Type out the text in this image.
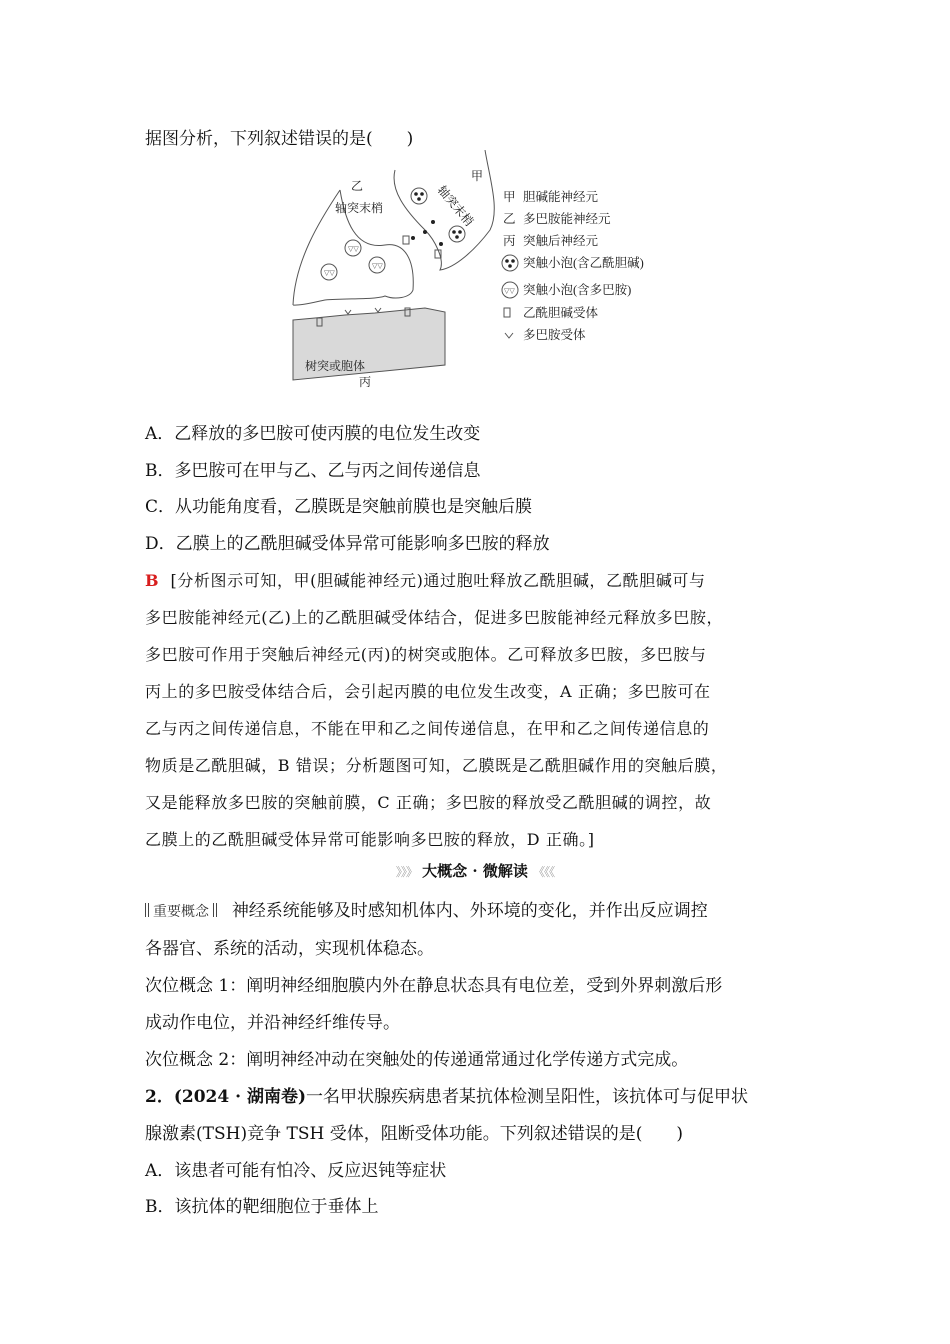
据图分析，下列叙述错误的是(　　)
▽▽
▽▽
▽▽
树突或胞体
丙
乙
轴突末梢
甲
轴突末梢 甲 胆碱能神经元
乙 多巴胺能神经元
丙 突触后神经元
突触小泡(含乙酰胆碱)
▽▽ 突触小泡(含多巴胺)
乙酰胆碱受体
多巴胺受体
A．乙释放的多巴胺可使丙膜的电位发生改变
B．多巴胺可在甲与乙、乙与丙之间传递信息
C．从功能角度看，乙膜既是突触前膜也是突触后膜
D．乙膜上的乙酰胆碱受体异常可能影响多巴胺的释放
B [分析图示可知，甲(胆碱能神经元)通过胞吐释放乙酰胆碱，乙酰胆碱可与
多巴胺能神经元(乙)上的乙酰胆碱受体结合，促进多巴胺能神经元释放多巴胺，
多巴胺可作用于突触后神经元(丙)的树突或胞体。乙可释放多巴胺，多巴胺与
丙上的多巴胺受体结合后，会引起丙膜的电位发生改变，A 正确；多巴胺可在
乙与丙之间传递信息，不能在甲和乙之间传递信息，在甲和乙之间传递信息的
物质是乙酰胆碱，B 错误；分析题图可知，乙膜既是乙酰胆碱作用的突触后膜，
又是能释放多巴胺的突触前膜，C 正确；多巴胺的释放受乙酰胆碱的调控，故
乙膜上的乙酰胆碱受体异常可能影响多巴胺的释放，D 正确。]
》》》 大概念 · 微解读 《《《
重要概念 神经系统能够及时感知机体内、外环境的变化，并作出反应调控
各器官、系统的活动，实现机体稳态。
次位概念 1：阐明神经细胞膜内外在静息状态具有电位差，受到外界刺激后形
成动作电位，并沿神经纤维传导。
次位概念 2：阐明神经冲动在突触处的传递通常通过化学传递方式完成。
2．(2024 · 湖南卷)一名甲状腺疾病患者某抗体检测呈阳性，该抗体可与促甲状
腺激素(TSH)竞争 TSH 受体，阻断受体功能。下列叙述错误的是(　　)
A．该患者可能有怕冷、反应迟钝等症状
B．该抗体的靶细胞位于垂体上
